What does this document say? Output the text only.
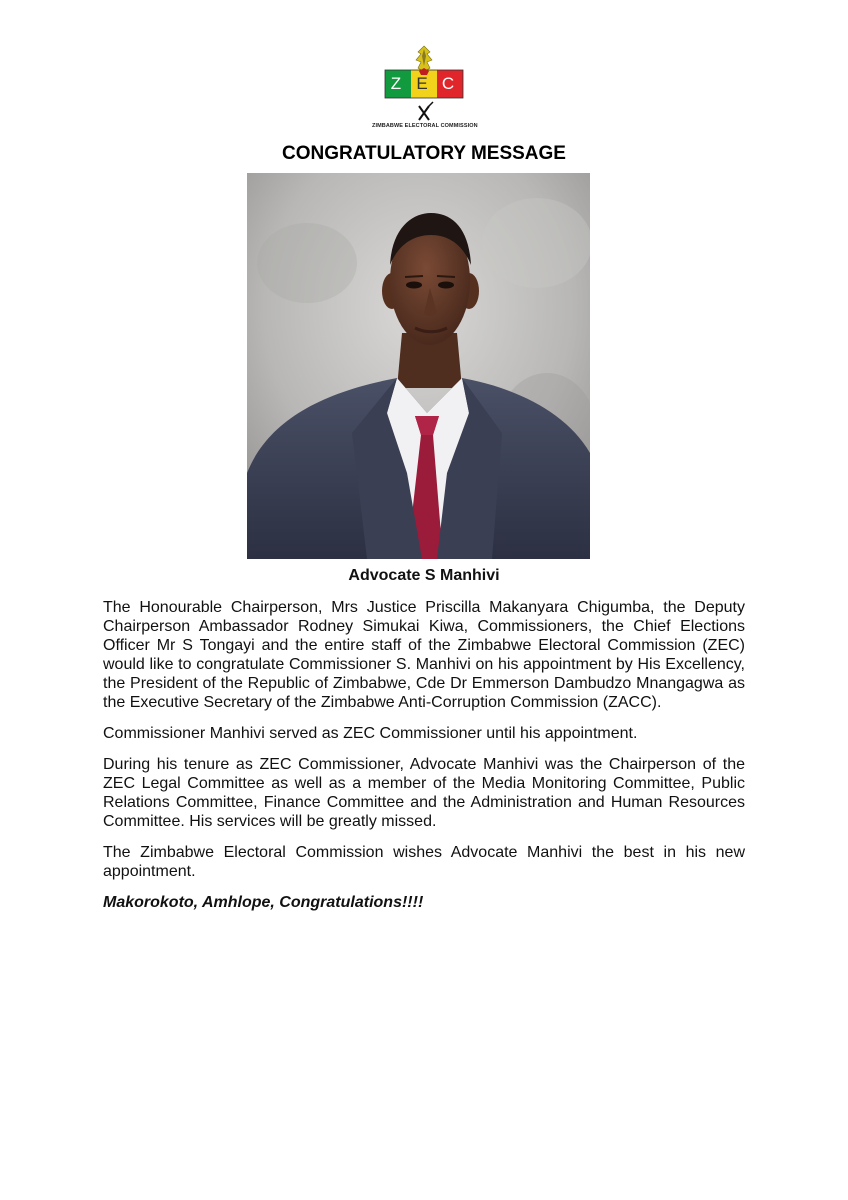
Z E C
ZIMBABWE ELECTORAL COMMISSION
CONGRATULATORY MESSAGE
Advocate S Manhivi

The Honourable Chairperson, Mrs Justice Priscilla Makanyara Chigumba, the Deputy Chairperson Ambassador Rodney Simukai Kiwa, Commissioners, the Chief Elections Officer Mr S Tongayi and the entire staff of the Zimbabwe Electoral Commission (ZEC) would like to congratulate Commissioner S. Manhivi on his appointment by His Excellency, the President of the Republic of Zimbabwe, Cde Dr Emmerson Dambudzo Mnangagwa as the Executive Secretary of the Zimbabwe Anti-Corruption Commission (ZACC).

Commissioner Manhivi served as ZEC Commissioner until his appointment.

During his tenure as ZEC Commissioner, Advocate Manhivi was the Chairperson of the ZEC Legal Committee as well as a member of the Media Monitoring Committee, Public Relations Committee, Finance Committee and the Administration and Human Resources Committee. His services will be greatly missed.

The Zimbabwe Electoral Commission wishes Advocate Manhivi the best in his new appointment.

Makorokoto, Amhlope, Congratulations!!!!
